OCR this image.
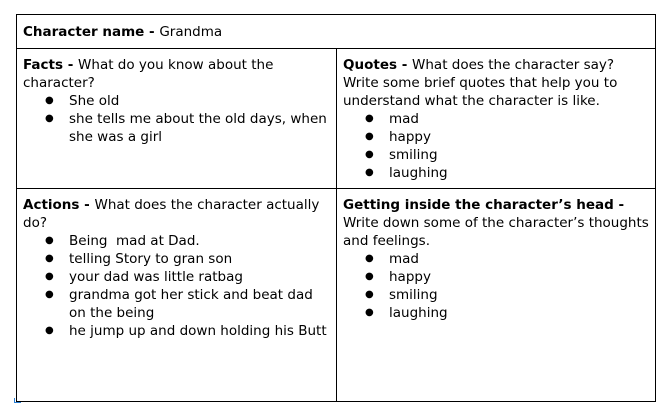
Character name - Grandma
Facts - What do you know about the character?
● She old
● she tells me about the old days, when she was a girl
Quotes - What does the character say? Write some brief quotes that help you to understand what the character is like.
● mad
● happy
● smiling
● laughing
Actions - What does the character actually do?
● Being  mad at Dad.
● telling Story to gran son
● your dad was little ratbag
● grandma got her stick and beat dad on the being
● he jump up and down holding his Butt
Getting inside the character’s head - Write down some of the character’s thoughts and feelings.
● mad
● happy
● smiling
● laughing
